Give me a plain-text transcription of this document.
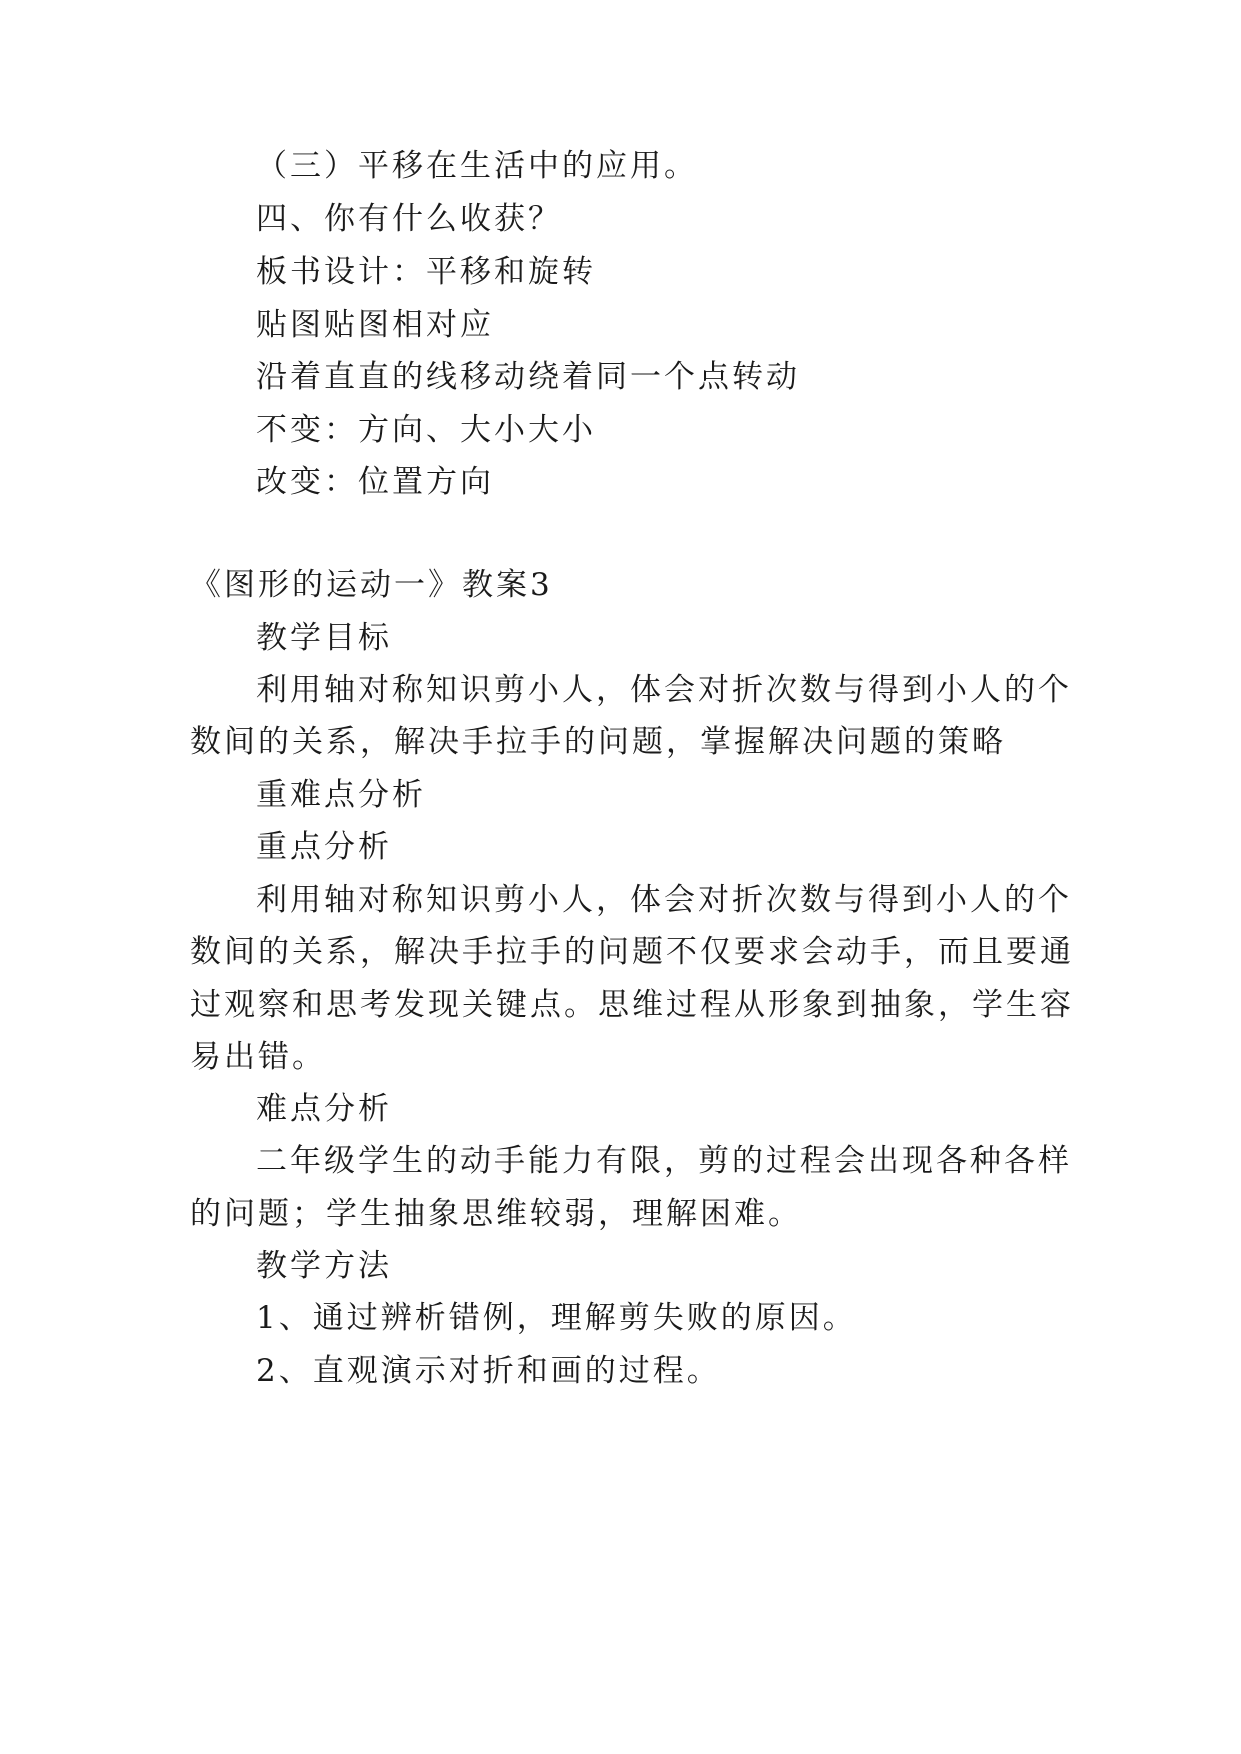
（三）平移在生活中的应用。
四、你有什么收获？
板书设计：平移和旋转
贴图贴图相对应
沿着直直的线移动绕着同一个点转动
不变：方向、大小大小
改变：位置方向
《图形的运动一》教案3
教学目标
利用轴对称知识剪小人，体会对折次数与得到小人的个
数间的关系，解决手拉手的问题，掌握解决问题的策略
重难点分析
重点分析
利用轴对称知识剪小人，体会对折次数与得到小人的个
数间的关系，解决手拉手的问题不仅要求会动手，而且要通
过观察和思考发现关键点。思维过程从形象到抽象，学生容
易出错。
难点分析
二年级学生的动手能力有限，剪的过程会出现各种各样
的问题；学生抽象思维较弱，理解困难。
教学方法
1、通过辨析错例，理解剪失败的原因。
2、直观演示对折和画的过程。
